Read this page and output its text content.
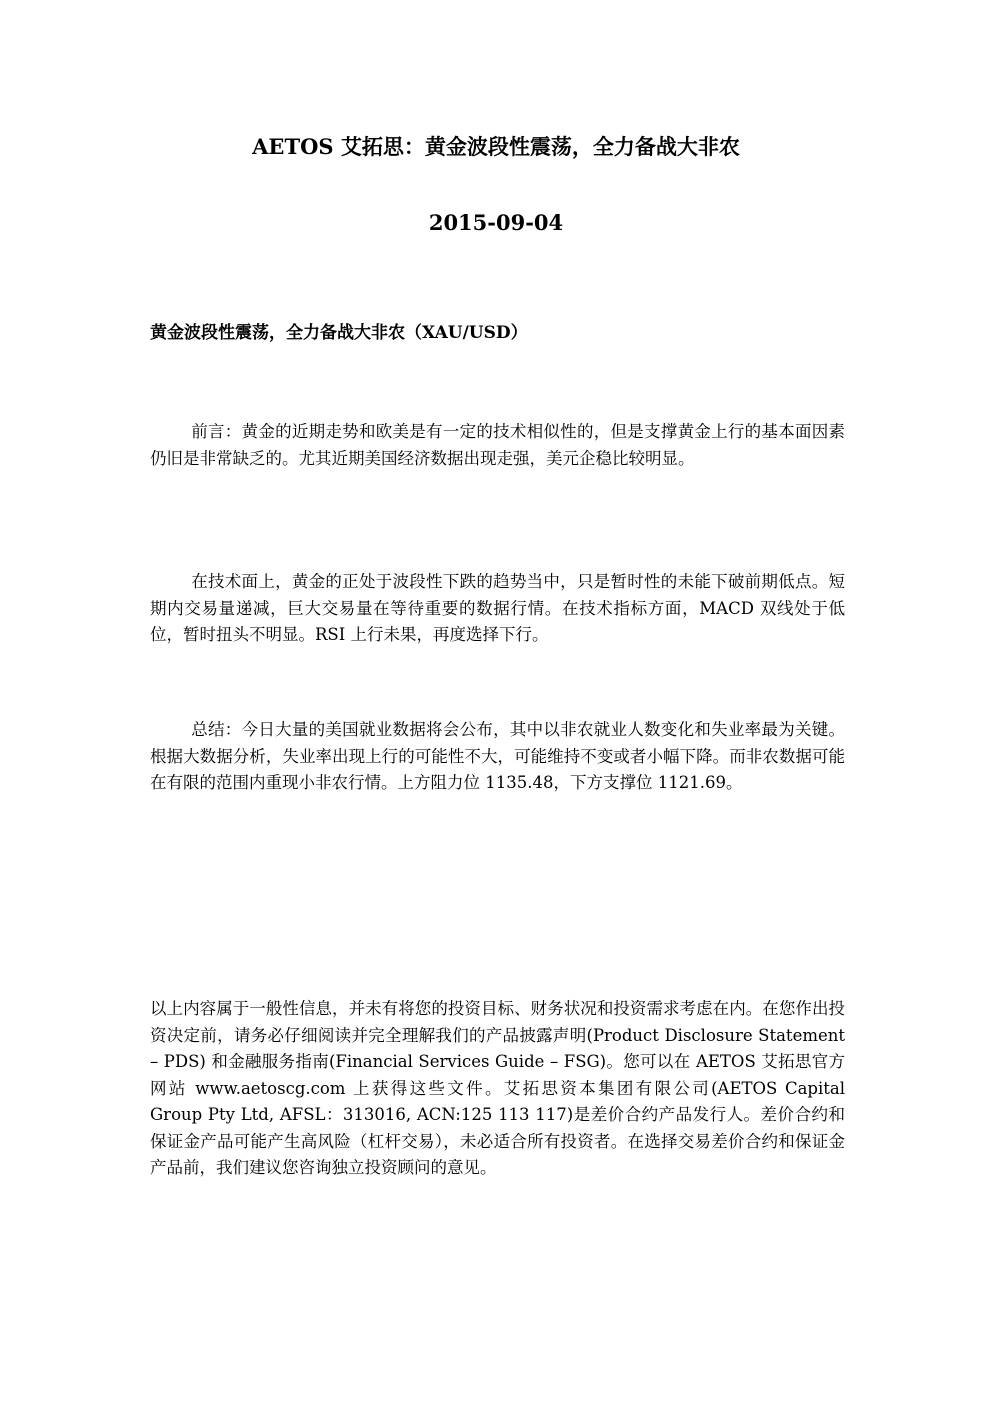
AETOS 艾拓思：黄金波段性震荡，全力备战大非农
2015-09-04
黄金波段性震荡，全力备战大非农（XAU/USD）

前言：黄金的近期走势和欧美是有一定的技术相似性的，但是支撑黄金上行的基本面因素仍旧是非常缺乏的。尤其近期美国经济数据出现走强，美元企稳比较明显。

在技术面上，黄金的正处于波段性下跌的趋势当中，只是暂时性的未能下破前期低点。短期内交易量递减，巨大交易量在等待重要的数据行情。在技术指标方面，MACD 双线处于低位，暂时扭头不明显。RSI 上行未果，再度选择下行。

总结：今日大量的美国就业数据将会公布，其中以非农就业人数变化和失业率最为关键。根据大数据分析，失业率出现上行的可能性不大，可能维持不变或者小幅下降。而非农数据可能在有限的范围内重现小非农行情。上方阻力位 1135.48，下方支撑位 1121.69。

以上内容属于一般性信息，并未有将您的投资目标、财务状况和投资需求考虑在内。在您作出投资决定前，请务必仔细阅读并完全理解我们的产品披露声明(Product Disclosure Statement – PDS) 和金融服务指南(Financial Services Guide – FSG)。您可以在 AETOS 艾拓思官方网站 www.aetoscg.com 上获得这些文件。艾拓思资本集团有限公司(AETOS Capital Group Pty Ltd, AFSL：313016, ACN:125 113 117)是差价合约产品发行人。差价合约和保证金产品可能产生高风险（杠杆交易），未必适合所有投资者。在选择交易差价合约和保证金产品前，我们建议您咨询独立投资顾问的意见。
